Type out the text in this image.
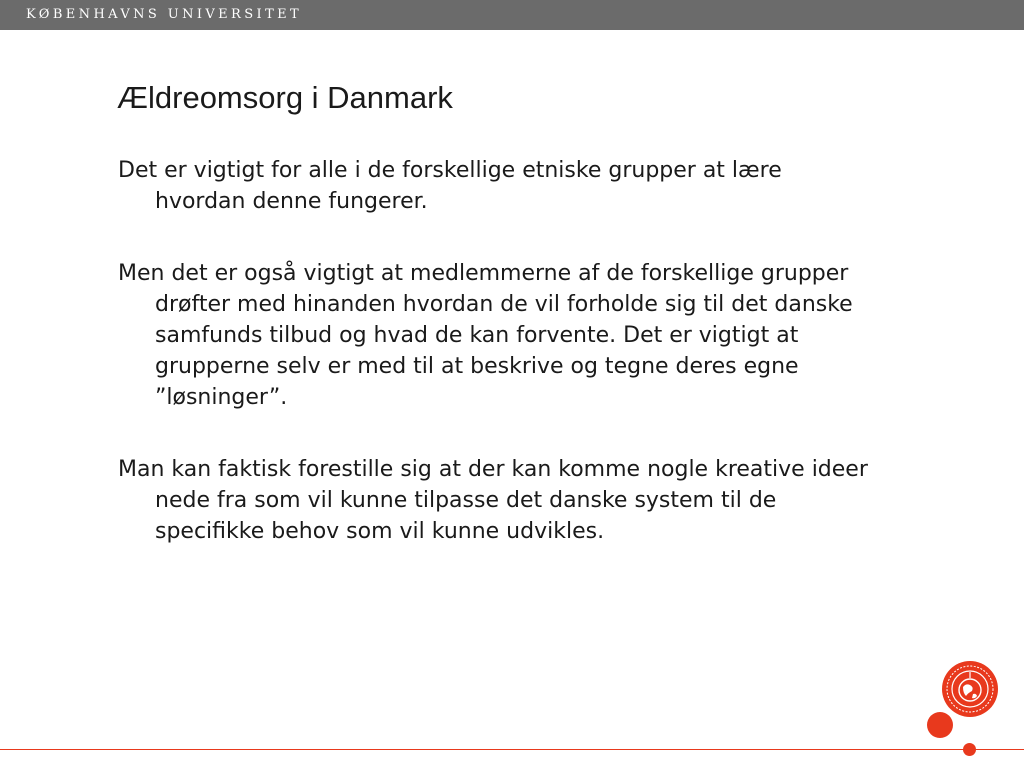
KØBENHAVNS UNIVERSITET
Ældreomsorg i Danmark

Det er vigtigt for alle i de forskellige etniske grupper at lære hvordan denne fungerer.

Men det er også vigtigt at medlemmerne af de forskellige grupper drøfter med hinanden hvordan de vil forholde sig til det danske samfunds tilbud og hvad de kan forvente. Det er vigtigt at grupperne selv er med til at beskrive og tegne deres egne ”løsninger”.

Man kan faktisk forestille sig at der kan komme nogle kreative ideer nede fra som vil kunne tilpasse det danske system til de specifikke behov som vil kunne udvikles.
